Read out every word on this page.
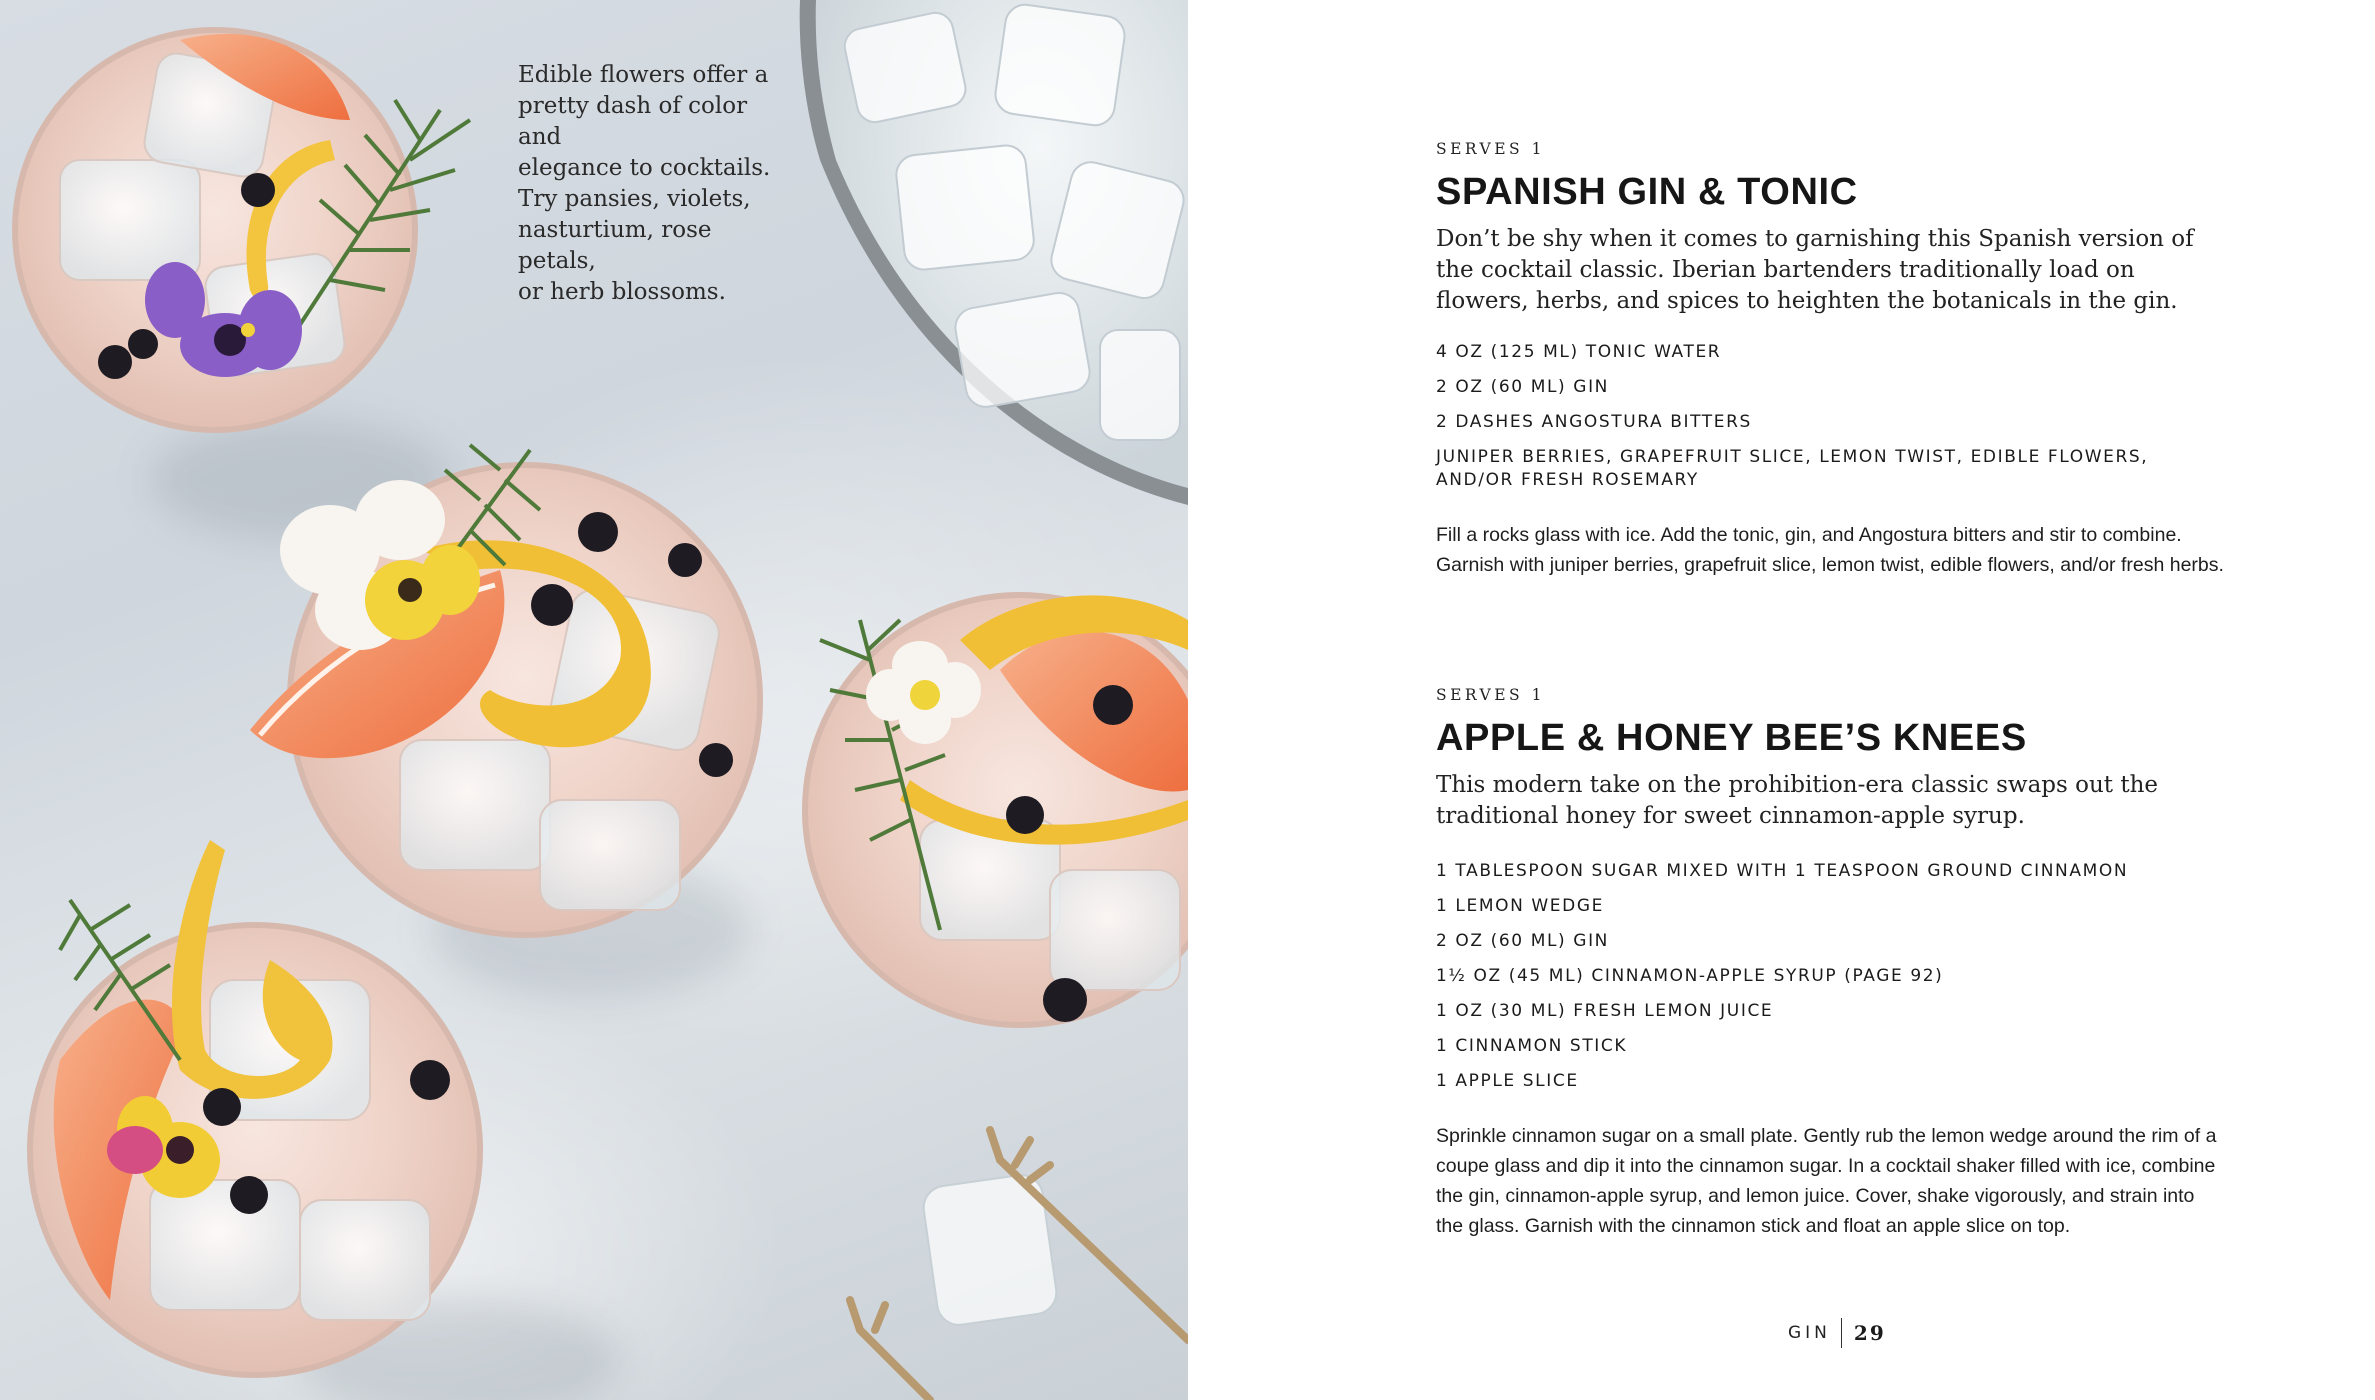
Edible flowers offer a
pretty dash of color and
elegance to cocktails.
Try pansies, violets,
nasturtium, rose petals,
or herb blossoms.

SERVES 1

SPANISH GIN & TONIC

Don’t be shy when it comes to garnishing this Spanish version of the cocktail classic. Iberian bartenders traditionally load on flowers, herbs, and spices to heighten the botanicals in the gin.

4 OZ (125 ML) TONIC WATER
2 OZ (60 ML) GIN
2 DASHES ANGOSTURA BITTERS
JUNIPER BERRIES, GRAPEFRUIT SLICE, LEMON TWIST, EDIBLE FLOWERS, AND/OR FRESH ROSEMARY

Fill a rocks glass with ice. Add the tonic, gin, and Angostura bitters and stir to combine. Garnish with juniper berries, grapefruit slice, lemon twist, edible flowers, and/or fresh herbs.

SERVES 1

APPLE & HONEY BEE’S KNEES

This modern take on the prohibition-era classic swaps out the traditional honey for sweet cinnamon-apple syrup.

1 TABLESPOON SUGAR MIXED WITH 1 TEASPOON GROUND CINNAMON
1 LEMON WEDGE
2 OZ (60 ML) GIN
1½ OZ (45 ML) CINNAMON-APPLE SYRUP (PAGE 92)
1 OZ (30 ML) FRESH LEMON JUICE
1 CINNAMON STICK
1 APPLE SLICE

Sprinkle cinnamon sugar on a small plate. Gently rub the lemon wedge around the rim of a coupe glass and dip it into the cinnamon sugar. In a cocktail shaker filled with ice, combine the gin, cinnamon-apple syrup, and lemon juice. Cover, shake vigorously, and strain into the glass. Garnish with the cinnamon stick and float an apple slice on top.

GIN 29
